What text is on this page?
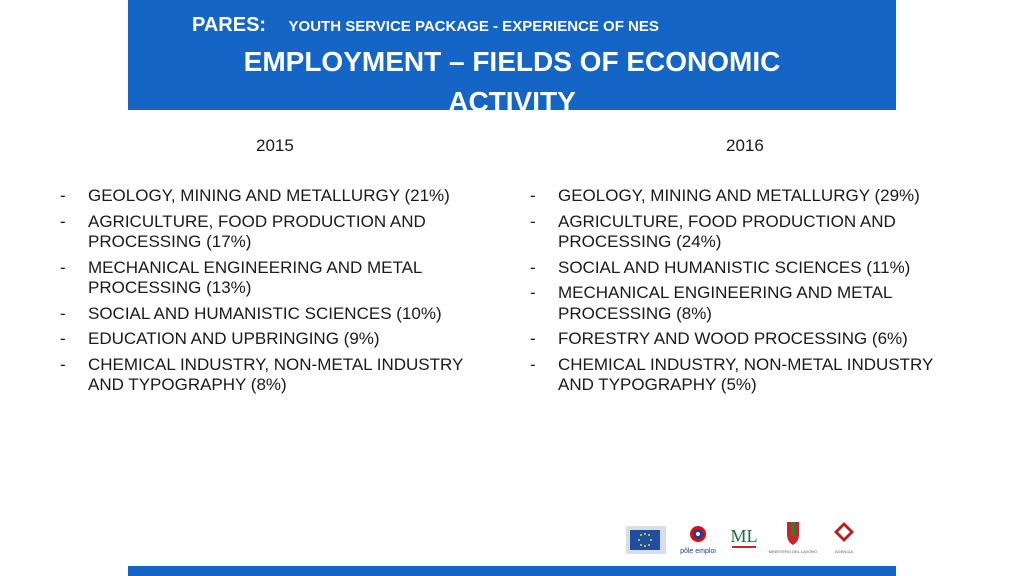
PARES: YOUTH SERVICE PACKAGE - EXPERIENCE OF NES
EMPLOYMENT – FIELDS OF ECONOMIC
ACTIVITY
2015	2016
- GEOLOGY, MINING AND METALLURGY (21%)
- AGRICULTURE, FOOD PRODUCTION AND PROCESSING (17%)
- MECHANICAL ENGINEERING AND METAL PROCESSING (13%)
- SOCIAL AND HUMANISTIC SCIENCES (10%)
- EDUCATION AND UPBRINGING (9%)
- CHEMICAL INDUSTRY, NON-METAL INDUSTRY AND TYPOGRAPHY (8%)
- GEOLOGY, MINING AND METALLURGY (29%)
- AGRICULTURE, FOOD PRODUCTION AND PROCESSING (24%)
- SOCIAL AND HUMANISTIC SCIENCES (11%)
- MECHANICAL ENGINEERING AND METAL PROCESSING (8%)
- FORESTRY AND WOOD PROCESSING (6%)
- CHEMICAL INDUSTRY, NON-METAL INDUSTRY AND TYPOGRAPHY (5%)
pôle emploi
ML
MINISTERO DEL LAVORO	AGENCIA
